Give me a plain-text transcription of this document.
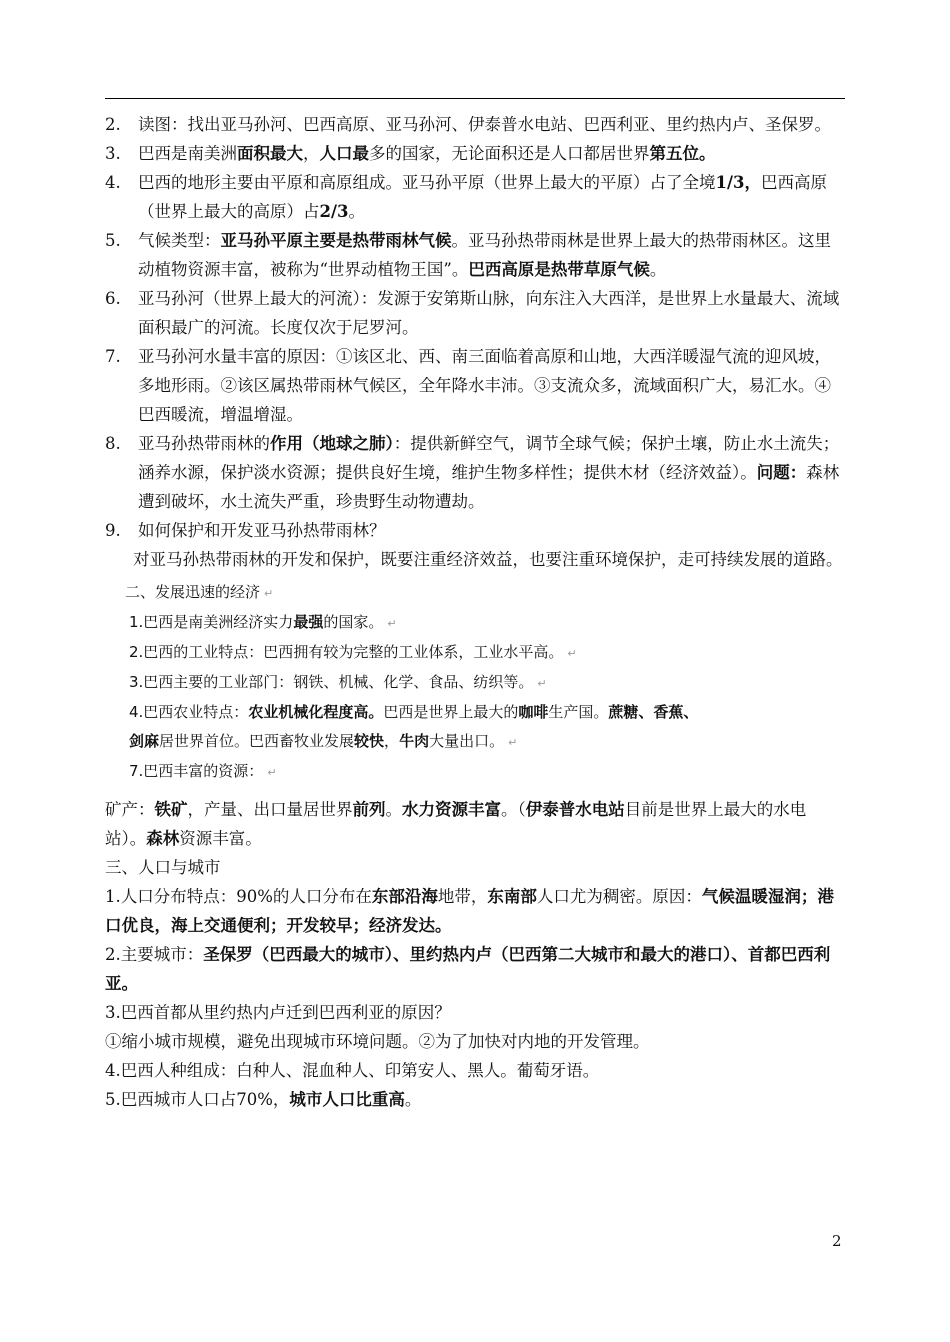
2.	读图：找出亚马孙河、巴西高原、亚马孙河、伊泰普水电站、巴西利亚、里约热内卢、圣保罗。
3.	巴西是南美洲面积最大，人口最多的国家，无论面积还是人口都居世界第五位。
4.	巴西的地形主要由平原和高原组成。亚马孙平原（世界上最大的平原）占了全境1/3，巴西高原（世界上最大的高原）占2/3。
5.	气候类型：亚马孙平原主要是热带雨林气候。亚马孙热带雨林是世界上最大的热带雨林区。这里动植物资源丰富，被称为“世界动植物王国”。巴西高原是热带草原气候。
6.	亚马孙河（世界上最大的河流）：发源于安第斯山脉，向东注入大西洋，是世界上水量最大、流域面积最广的河流。长度仅次于尼罗河。
7.	亚马孙河水量丰富的原因：①该区北、西、南三面临着高原和山地，大西洋暖湿气流的迎风坡，多地形雨。②该区属热带雨林气候区，全年降水丰沛。③支流众多，流域面积广大，易汇水。④巴西暖流，增温增湿。
8.	亚马孙热带雨林的作用（地球之肺）：提供新鲜空气，调节全球气候；保护土壤，防止水土流失；涵养水源，保护淡水资源；提供良好生境，维护生物多样性；提供木材（经济效益）。问题：森林遭到破坏，水土流失严重，珍贵野生动物遭劫。
9.	如何保护和开发亚马孙热带雨林？
对亚马孙热带雨林的开发和保护，既要注重经济效益，也要注重环境保护，走可持续发展的道路。
二、发展迅速的经济 ↵
1.巴西是南美洲经济实力最强的国家。 ↵
2.巴西的工业特点：巴西拥有较为完整的工业体系，工业水平高。 ↵
3.巴西主要的工业部门：钢铁、机械、化学、食品、纺织等。 ↵
4.巴西农业特点：农业机械化程度高。巴西是世界上最大的咖啡生产国。蔗糖、香蕉、
剑麻居世界首位。巴西畜牧业发展较快，牛肉大量出口。 ↵
7.巴西丰富的资源： ↵
矿产：铁矿，产量、出口量居世界前列。水力资源丰富。（伊泰普水电站目前是世界上最大的水电站）。森林资源丰富。
三、人口与城市
1.人口分布特点：90%的人口分布在东部沿海地带，东南部人口尤为稠密。原因：气候温暖湿润；港口优良，海上交通便利；开发较早；经济发达。
2.主要城市：圣保罗（巴西最大的城市）、里约热内卢（巴西第二大城市和最大的港口）、首都巴西利亚。
3.巴西首都从里约热内卢迁到巴西利亚的原因？
①缩小城市规模，避免出现城市环境问题。②为了加快对内地的开发管理。
4.巴西人种组成：白种人、混血种人、印第安人、黑人。葡萄牙语。
5.巴西城市人口占70%，城市人口比重高。
2
